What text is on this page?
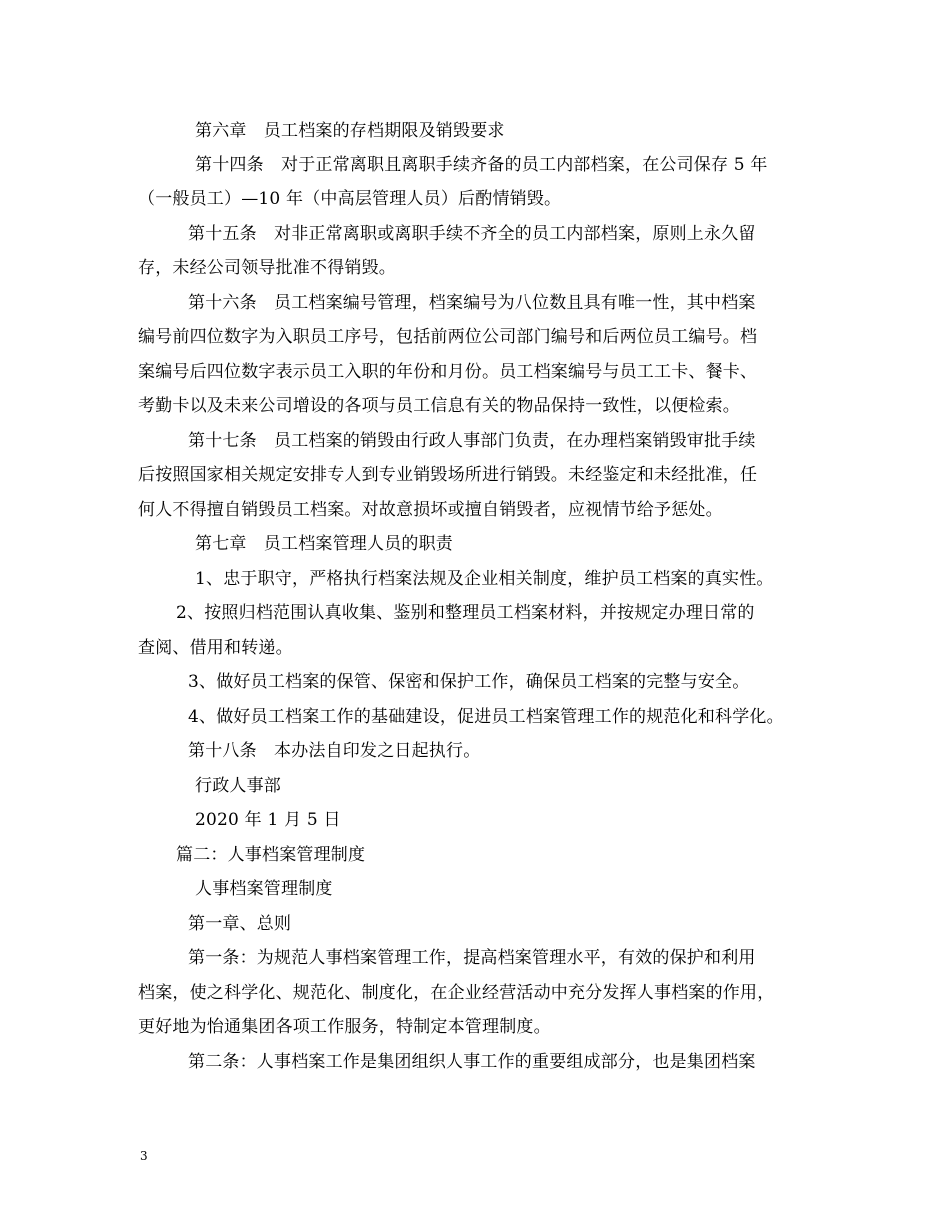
第六章　员工档案的存档期限及销毁要求
第十四条　对于正常离职且离职手续齐备的员工内部档案，在公司保存 5 年
（一般员工）—10 年（中高层管理人员）后酌情销毁。
第十五条　对非正常离职或离职手续不齐全的员工内部档案，原则上永久留
存，未经公司领导批准不得销毁。
第十六条　员工档案编号管理，档案编号为八位数且具有唯一性，其中档案
编号前四位数字为入职员工序号，包括前两位公司部门编号和后两位员工编号。档
案编号后四位数字表示员工入职的年份和月份。员工档案编号与员工工卡、餐卡、
考勤卡以及未来公司增设的各项与员工信息有关的物品保持一致性，以便检索。
第十七条　员工档案的销毁由行政人事部门负责，在办理档案销毁审批手续
后按照国家相关规定安排专人到专业销毁场所进行销毁。未经鉴定和未经批准，任
何人不得擅自销毁员工档案。对故意损坏或擅自销毁者，应视情节给予惩处。
第七章　员工档案管理人员的职责
1、忠于职守，严格执行档案法规及企业相关制度，维护员工档案的真实性。
2、按照归档范围认真收集、鉴别和整理员工档案材料，并按规定办理日常的
查阅、借用和转递。
3、做好员工档案的保管、保密和保护工作，确保员工档案的完整与安全。
4、做好员工档案工作的基础建设，促进员工档案管理工作的规范化和科学化。
第十八条　本办法自印发之日起执行。
行政人事部
2020 年 1 月 5 日
篇二：人事档案管理制度
人事档案管理制度
第一章、总则
第一条：为规范人事档案管理工作，提高档案管理水平，有效的保护和利用
档案，使之科学化、规范化、制度化，在企业经营活动中充分发挥人事档案的作用，
更好地为怡通集团各项工作服务，特制定本管理制度。
第二条：人事档案工作是集团组织人事工作的重要组成部分，也是集团档案
3
